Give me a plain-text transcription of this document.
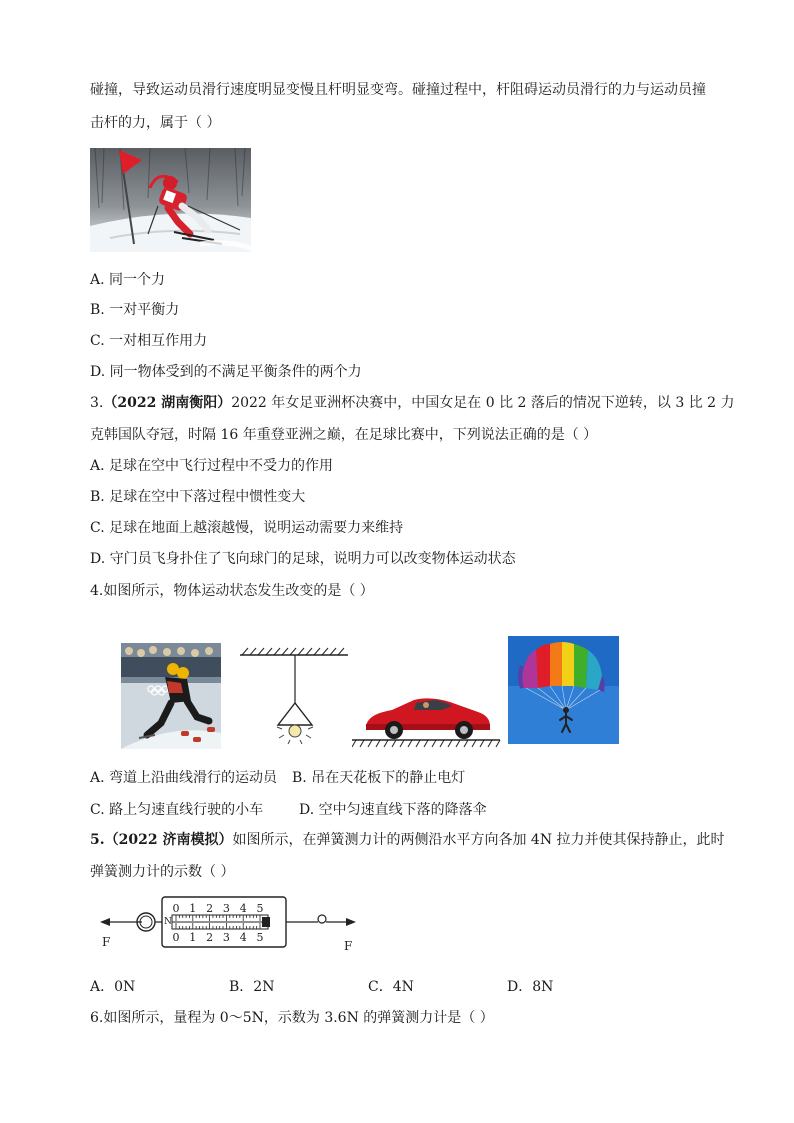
碰撞，导致运动员滑行速度明显变慢且杆明显变弯。碰撞过程中，杆阻碍运动员滑行的力与运动员撞
击杆的力，属于（ ）
A. 同一个力
B. 一对平衡力
C. 一对相互作用力
D. 同一物体受到的不满足平衡条件的两个力
3.（2022 湖南衡阳）2022 年女足亚洲杯决赛中，中国女足在 0 比 2 落后的情况下逆转，以 3 比 2 力
克韩国队夺冠，时隔 16 年重登亚洲之巅，在足球比赛中，下列说法正确的是（ ）
A. 足球在空中飞行过程中不受力的作用
B. 足球在空中下落过程中惯性变大
C. 足球在地面上越滚越慢，说明运动需要力来维持
D. 守门员飞身扑住了飞向球门的足球，说明力可以改变物体运动状态
4.如图所示，物体运动状态发生改变的是（ ）
A. 弯道上沿曲线滑行的运动员 B. 吊在天花板下的静止电灯
C. 路上匀速直线行驶的小车	D. 空中匀速直线下落的降落伞
5.（2022 济南模拟）如图所示，在弹簧测力计的两侧沿水平方向各加 4N 拉力并使其保持静止，此时
弹簧测力计的示数（ ）
N
F	F
0 1 2 3 4 5
0 1 2 3 4 5
A．0N	B．2N	C．4N	D．8N
6.如图所示，量程为 0～5N，示数为 3.6N 的弹簧测力计是（ ）
